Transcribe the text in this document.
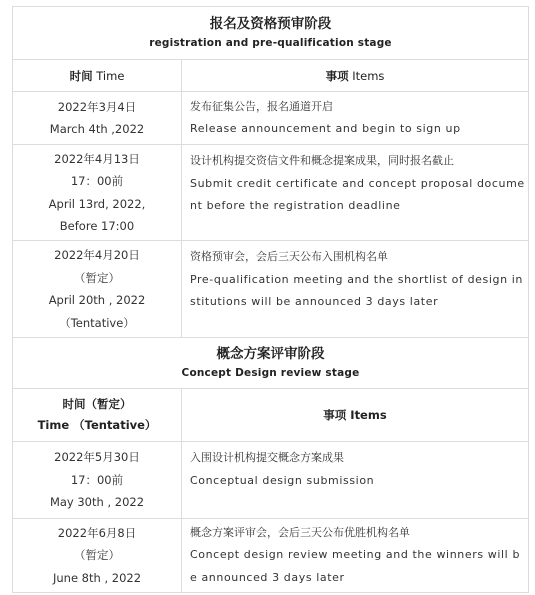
报名及资格预审阶段
registration and pre-qualification stage	

时间 Time	事项 Items

2022年3月4日
March 4th ,2022	发布征集公告，报名通道开启
Release announcement and begin to sign up

2022年4月13日
17：00前
April 13rd, 2022,
Before 17:00	设计机构提交资信文件和概念提案成果，同时报名截止
Submit credit certificate and concept proposal document before the registration deadline

2022年4月20日
（暂定）
April 20th , 2022
（Tentative）	资格预审会，会后三天公布入围机构名单
Pre-qualification meeting and the shortlist of design institutions will be announced 3 days later

概念方案评审阶段
Concept Design review stage	

时间（暂定）
Time （Tentative）	事项 Items

2022年5月30日
17：00前
May 30th , 2022	入围设计机构提交概念方案成果
Conceptual design submission

2022年6月8日
（暂定）
June 8th , 2022	概念方案评审会，会后三天公布优胜机构名单
Concept design review meeting and the winners will be announced 3 days later
